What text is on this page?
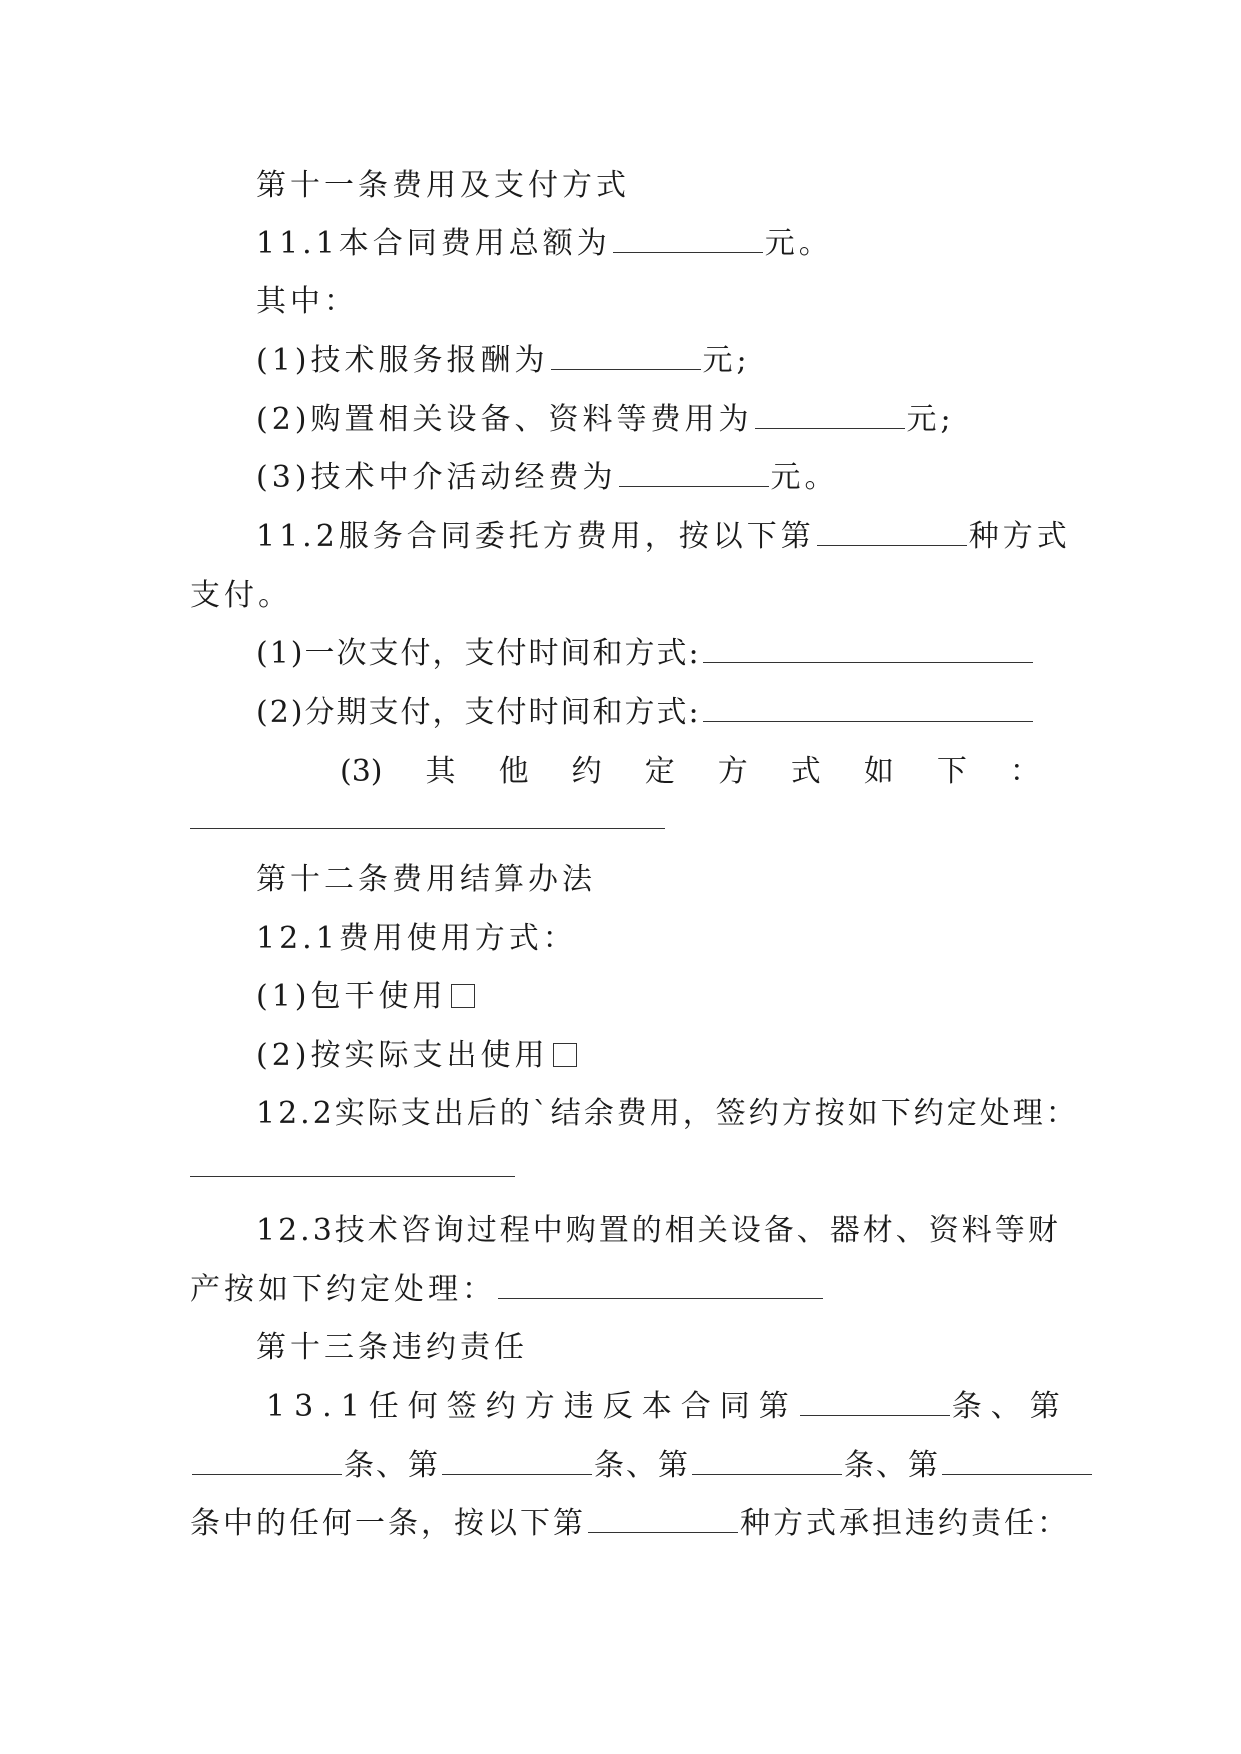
第十一条费用及支付方式
11.1本合同费用总额为	元。
其中：
(1)技术服务报酬为	元;
(2)购置相关设备、资料等费用为	元;
(3)技术中介活动经费为	元。
11.2服务合同委托方费用，按以下第	种方式
支付。
(1)一次支付，支付时间和方式:
(2)分期支付，支付时间和方式:
(3) 其 他 约 定 方 式 如 下 ：
第十二条费用结算办法
12.1费用使用方式：
(1)包干使用
(2)按实际支出使用
12.2实际支出后的`结余费用，签约方按如下约定处理：
12.3技术咨询过程中购置的相关设备、器材、资料等财
产按如下约定处理：
第十三条违约责任
13.1任何签约方违反本合同第	条、第
条、第	条、第	条、第
条中的任何一条，按以下第	种方式承担违约责任：
